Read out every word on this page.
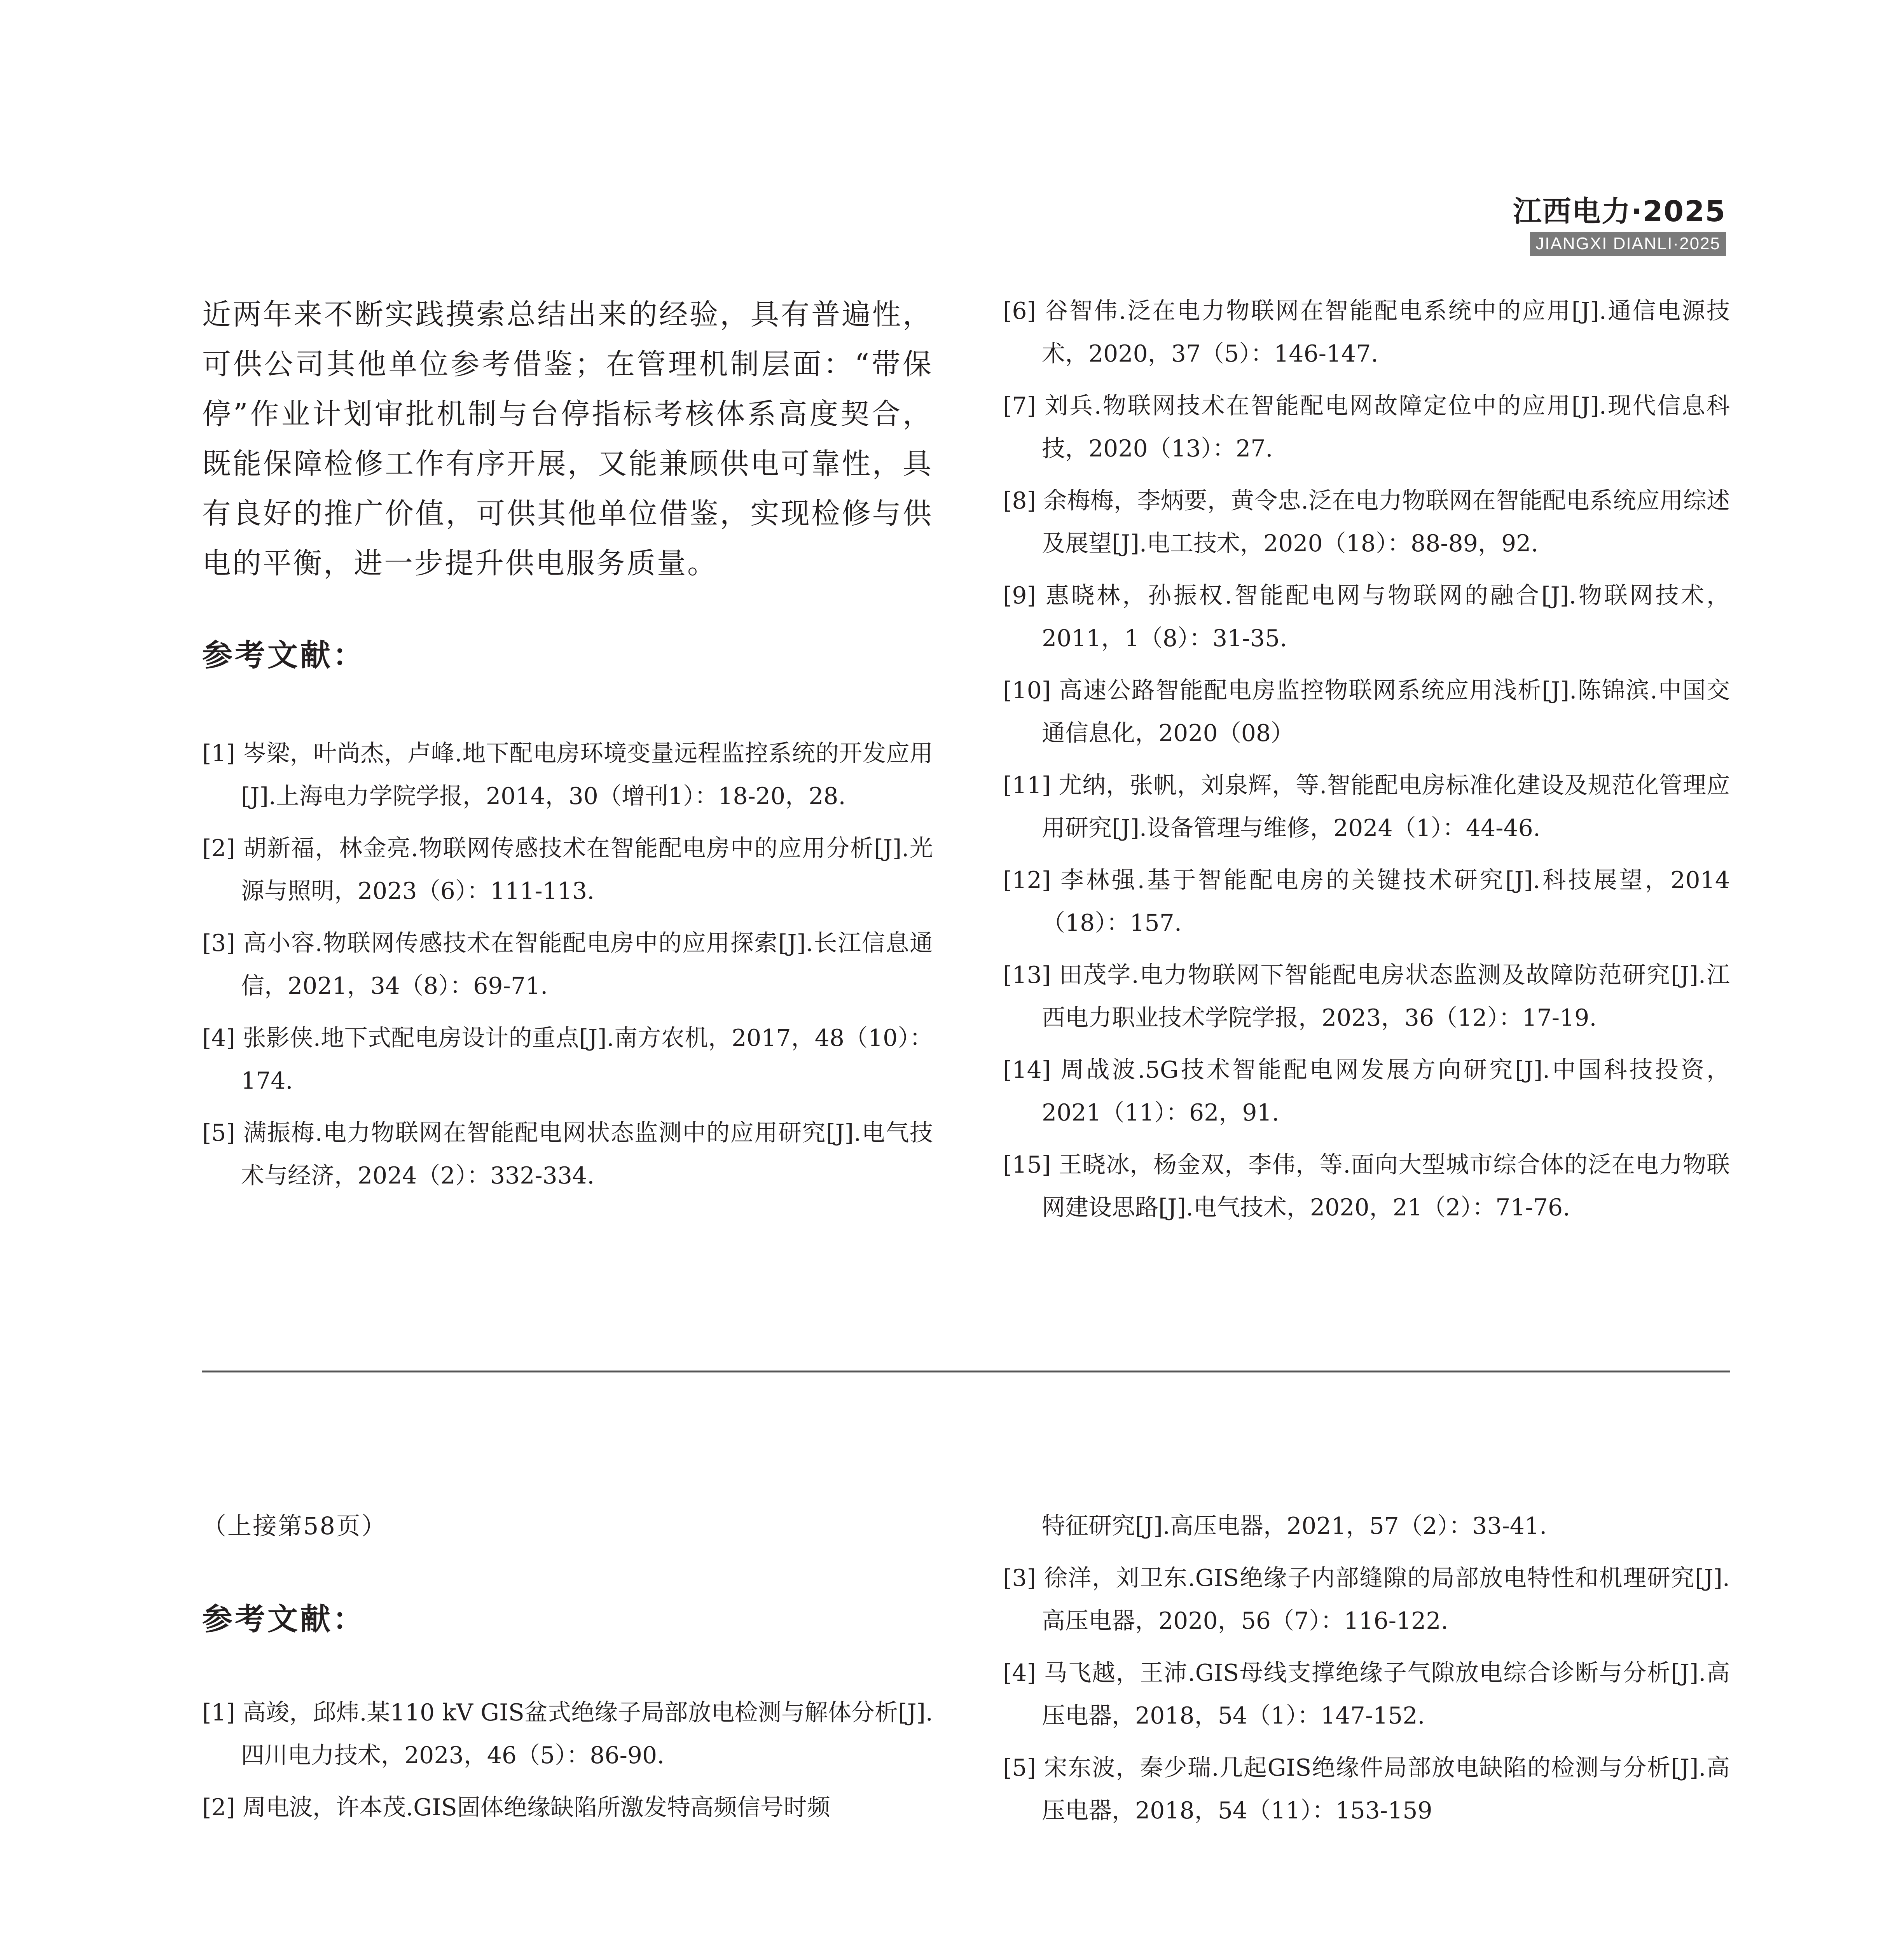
江西电力·2025
JIANGXI DIANLI·2025

近两年来不断实践摸索总结出来的经验，具有普遍性，可供公司其他单位参考借鉴；在管理机制层面：“带保停”作业计划审批机制与台停指标考核体系高度契合，既能保障检修工作有序开展，又能兼顾供电可靠性，具有良好的推广价值，可供其他单位借鉴，实现检修与供电的平衡，进一步提升供电服务质量。

参考文献：
[1] 岑梁，叶尚杰，卢峰.地下配电房环境变量远程监控系统的开发应用[J].上海电力学院学报，2014，30（增刊1）：18-20，28.
[2] 胡新福，林金亮.物联网传感技术在智能配电房中的应用分析[J].光源与照明，2023（6）：111-113.
[3] 高小容.物联网传感技术在智能配电房中的应用探索[J].长江信息通信，2021，34（8）：69-71.
[4] 张影侠.地下式配电房设计的重点[J].南方农机，2017，48（10）：174.
[5] 满振梅.电力物联网在智能配电网状态监测中的应用研究[J].电气技术与经济，2024（2）：332-334.
[6] 谷智伟.泛在电力物联网在智能配电系统中的应用[J].通信电源技术，2020，37（5）：146-147.
[7] 刘兵.物联网技术在智能配电网故障定位中的应用[J].现代信息科技，2020（13）：27.
[8] 余梅梅，李炳要，黄令忠.泛在电力物联网在智能配电系统应用综述及展望[J].电工技术，2020（18）：88-89，92.
[9] 惠晓林，孙振权.智能配电网与物联网的融合[J].物联网技术，2011，1（8）：31-35.
[10] 高速公路智能配电房监控物联网系统应用浅析[J].陈锦滨.中国交通信息化，2020（08）
[11] 尤纳，张帆，刘泉辉，等.智能配电房标准化建设及规范化管理应用研究[J].设备管理与维修，2024（1）：44-46.
[12] 李林强.基于智能配电房的关键技术研究[J].科技展望，2014（18）：157.
[13] 田茂学.电力物联网下智能配电房状态监测及故障防范研究[J].江西电力职业技术学院学报，2023，36（12）：17-19.
[14] 周战波.5G技术智能配电网发展方向研究[J].中国科技投资，2021（11）：62，91.
[15] 王晓冰，杨金双，李伟，等.面向大型城市综合体的泛在电力物联网建设思路[J].电气技术，2020，21（2）：71-76.

（上接第58页）

参考文献：
[1] 高竣，邱炜.某110 kV GIS盆式绝缘子局部放电检测与解体分析[J].四川电力技术，2023，46（5）：86-90.
[2] 周电波，许本茂.GIS固体绝缘缺陷所激发特高频信号时频
特征研究[J].高压电器，2021，57（2）：33-41.
[3] 徐洋，刘卫东.GIS绝缘子内部缝隙的局部放电特性和机理研究[J].高压电器，2020，56（7）：116-122.
[4] 马飞越，王沛.GIS母线支撑绝缘子气隙放电综合诊断与分析[J].高压电器，2018，54（1）：147-152.
[5] 宋东波，秦少瑞.几起GIS绝缘件局部放电缺陷的检测与分析[J].高压电器，2018，54（11）：153-159
